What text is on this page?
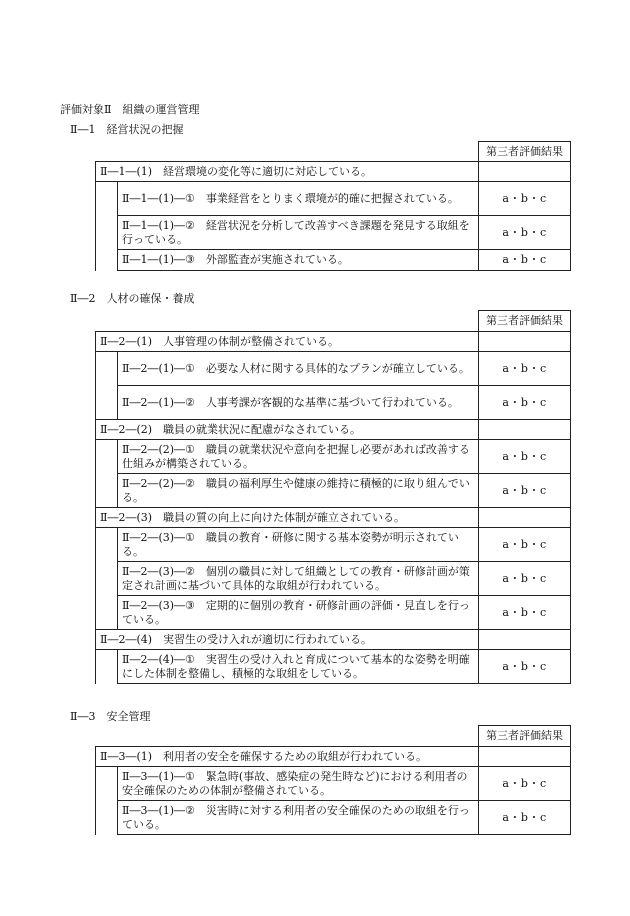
評価対象Ⅱ　組織の運営管理
Ⅱ―1　経営状況の把握
		第三者評価結果
Ⅱ―1―(1)　経営環境の変化等に適切に対応している。		
	Ⅱ―1―(1)―①　事業経営をとりまく環境が的確に把握されている。	a・b・c
	Ⅱ―1―(1)―②　経営状況を分析して改善すべき課題を発見する取組を行っている。	a・b・c
	Ⅱ―1―(1)―③　外部監査が実施されている。	a・b・c
Ⅱ―2　人材の確保・養成
		第三者評価結果
Ⅱ―2―(1)　人事管理の体制が整備されている。		
	Ⅱ―2―(1)―①　必要な人材に関する具体的なプランが確立している。	a・b・c
	Ⅱ―2―(1)―②　人事考課が客観的な基準に基づいて行われている。	a・b・c
Ⅱ―2―(2)　職員の就業状況に配慮がなされている。		
	Ⅱ―2―(2)―①　職員の就業状況や意向を把握し必要があれば改善する仕組みが構築されている。	a・b・c
	Ⅱ―2―(2)―②　職員の福利厚生や健康の維持に積極的に取り組んでいる。	a・b・c
Ⅱ―2―(3)　職員の質の向上に向けた体制が確立されている。		
	Ⅱ―2―(3)―①　職員の教育・研修に関する基本姿勢が明示されている。	a・b・c
	Ⅱ―2―(3)―②　個別の職員に対して組織としての教育・研修計画が策定され計画に基づいて具体的な取組が行われている。	a・b・c
	Ⅱ―2―(3)―③　定期的に個別の教育・研修計画の評価・見直しを行っている。	a・b・c
Ⅱ―2―(4)　実習生の受け入れが適切に行われている。		
	Ⅱ―2―(4)―①　実習生の受け入れと育成について基本的な姿勢を明確にした体制を整備し、積極的な取組をしている。	a・b・c
Ⅱ―3　安全管理
		第三者評価結果
Ⅱ―3―(1)　利用者の安全を確保するための取組が行われている。		
	Ⅱ―3―(1)―①　緊急時(事故、感染症の発生時など)における利用者の安全確保のための体制が整備されている。	a・b・c
	Ⅱ―3―(1)―②　災害時に対する利用者の安全確保のための取組を行っている。	a・b・c
